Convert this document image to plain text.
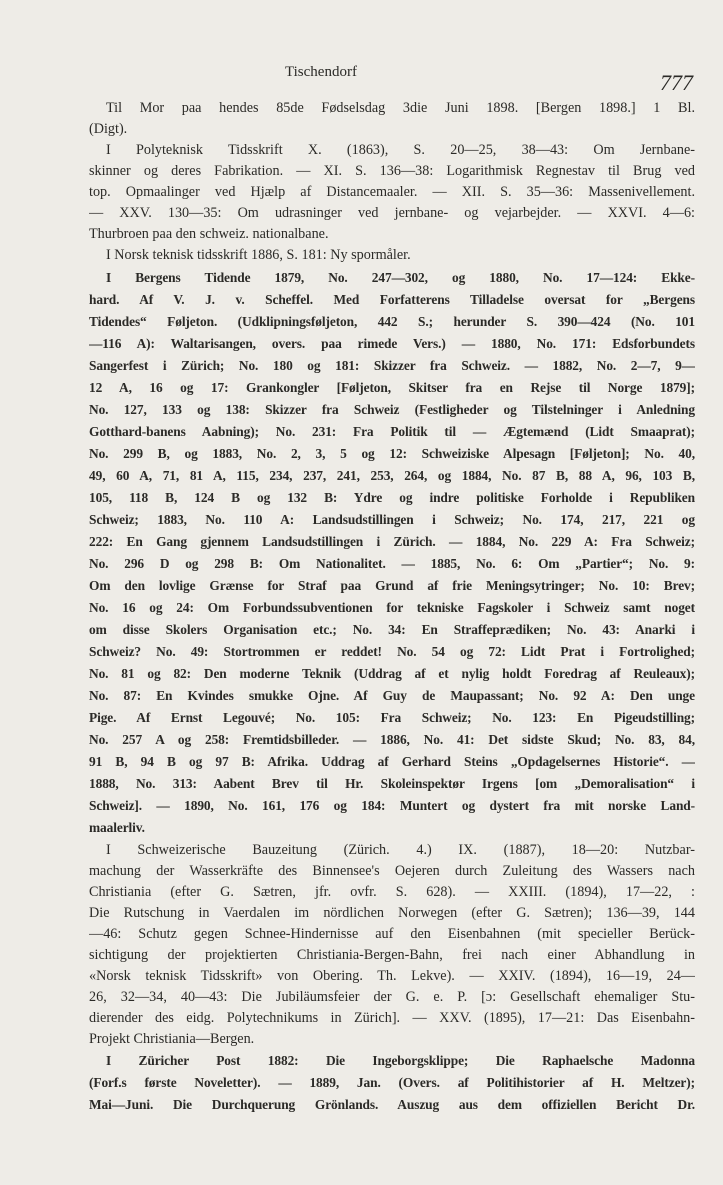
Tischendorf	777
Til Mor paa hendes 85de Fødselsdag 3die Juni 1898. [Bergen 1898.] 1 Bl.
(Digt).
I Polyteknisk Tidsskrift X. (1863), S. 20—25, 38—43: Om Jernbane-
skinner og deres Fabrikation. — XI. S. 136—38: Logarithmisk Regnestav til Brug ved
top. Opmaalinger ved Hjælp af Distancemaaler. — XII. S. 35—36: Massenivellement.
— XXV. 130—35: Om udrasninger ved jernbane- og vejarbejder. — XXVI. 4—6:
Thurbroen paa den schweiz. nationalbane.
I Norsk teknisk tidsskrift 1886, S. 181: Ny spormåler.
I Bergens Tidende 1879, No. 247—302, og 1880, No. 17—124: Ekke-
hard. Af V. J. v. Scheffel. Med Forfatterens Tilladelse oversat for „Bergens
Tidendes“ Føljeton. (Udklipningsføljeton, 442 S.; herunder S. 390—424 (No. 101
—116 A): Waltarisangen, overs. paa rimede Vers.) — 1880, No. 171: Edsforbundets
Sangerfest i Zürich; No. 180 og 181: Skizzer fra Schweiz. — 1882, No. 2—7, 9—
12 A, 16 og 17: Grankongler [Føljeton, Skitser fra en Rejse til Norge 1879];
No. 127, 133 og 138: Skizzer fra Schweiz (Festligheder og Tilstelninger i Anledning
Gotthard-banens Aabning); No. 231: Fra Politik til — Ægtemænd (Lidt Smaaprat);
No. 299 B, og 1883, No. 2, 3, 5 og 12: Schweiziske Alpesagn [Føljeton]; No. 40,
49, 60 A, 71, 81 A, 115, 234, 237, 241, 253, 264, og 1884, No. 87 B, 88 A, 96, 103 B,
105, 118 B, 124 B og 132 B: Ydre og indre politiske Forholde i Republiken
Schweiz; 1883, No. 110 A: Landsudstillingen i Schweiz; No. 174, 217, 221 og
222: En Gang gjennem Landsudstillingen i Zürich. — 1884, No. 229 A: Fra Schweiz;
No. 296 D og 298 B: Om Nationalitet. — 1885, No. 6: Om „Partier“; No. 9:
Om den lovlige Grænse for Straf paa Grund af frie Meningsytringer; No. 10: Brev;
No. 16 og 24: Om Forbundssubventionen for tekniske Fagskoler i Schweiz samt noget
om disse Skolers Organisation etc.; No. 34: En Straffeprædiken; No. 43: Anarki i
Schweiz? No. 49: Stortrommen er reddet! No. 54 og 72: Lidt Prat i Fortrolighed;
No. 81 og 82: Den moderne Teknik (Uddrag af et nylig holdt Foredrag af Reuleaux);
No. 87: En Kvindes smukke Ojne. Af Guy de Maupassant; No. 92 A: Den unge
Pige. Af Ernst Legouvé; No. 105: Fra Schweiz; No. 123: En Pigeudstilling;
No. 257 A og 258: Fremtidsbilleder. — 1886, No. 41: Det sidste Skud; No. 83, 84,
91 B, 94 B og 97 B: Afrika. Uddrag af Gerhard Steins „Opdagelsernes Historie“. —
1888, No. 313: Aabent Brev til Hr. Skoleinspektør Irgens [om „Demoralisation“ i
Schweiz]. — 1890, No. 161, 176 og 184: Muntert og dystert fra mit norske Land-
maalerliv.
I Schweizerische Bauzeitung (Zürich. 4.) IX. (1887), 18—20: Nutzbar-
machung der Wasserkräfte des Binnensee's Oejeren durch Zuleitung des Wassers nach
Christiania (efter G. Sætren, jfr. ovfr. S. 628). — XXIII. (1894), 17—22, :
Die Rutschung in Vaerdalen im nördlichen Norwegen (efter G. Sætren); 136—39, 144
—46: Schutz gegen Schnee-Hindernisse auf den Eisenbahnen (mit specieller Berück-
sichtigung der projektierten Christiania-Bergen-Bahn, frei nach einer Abhandlung in
«Norsk teknisk Tidsskrift» von Obering. Th. Lekve). — XXIV. (1894), 16—19, 24—
26, 32—34, 40—43: Die Jubiläumsfeier der G. e. P. [ɔ: Gesellschaft ehemaliger Stu-
dierender des eidg. Polytechnikums in Zürich]. — XXV. (1895), 17—21: Das Eisenbahn-
Projekt Christiania—Bergen.
I Züricher Post 1882: Die Ingeborgsklippe; Die Raphaelsche Madonna
(Forf.s første Noveletter). — 1889, Jan. (Overs. af Politihistorier af H. Meltzer);
Mai—Juni. Die Durchquerung Grönlands. Auszug aus dem offiziellen Bericht Dr.
